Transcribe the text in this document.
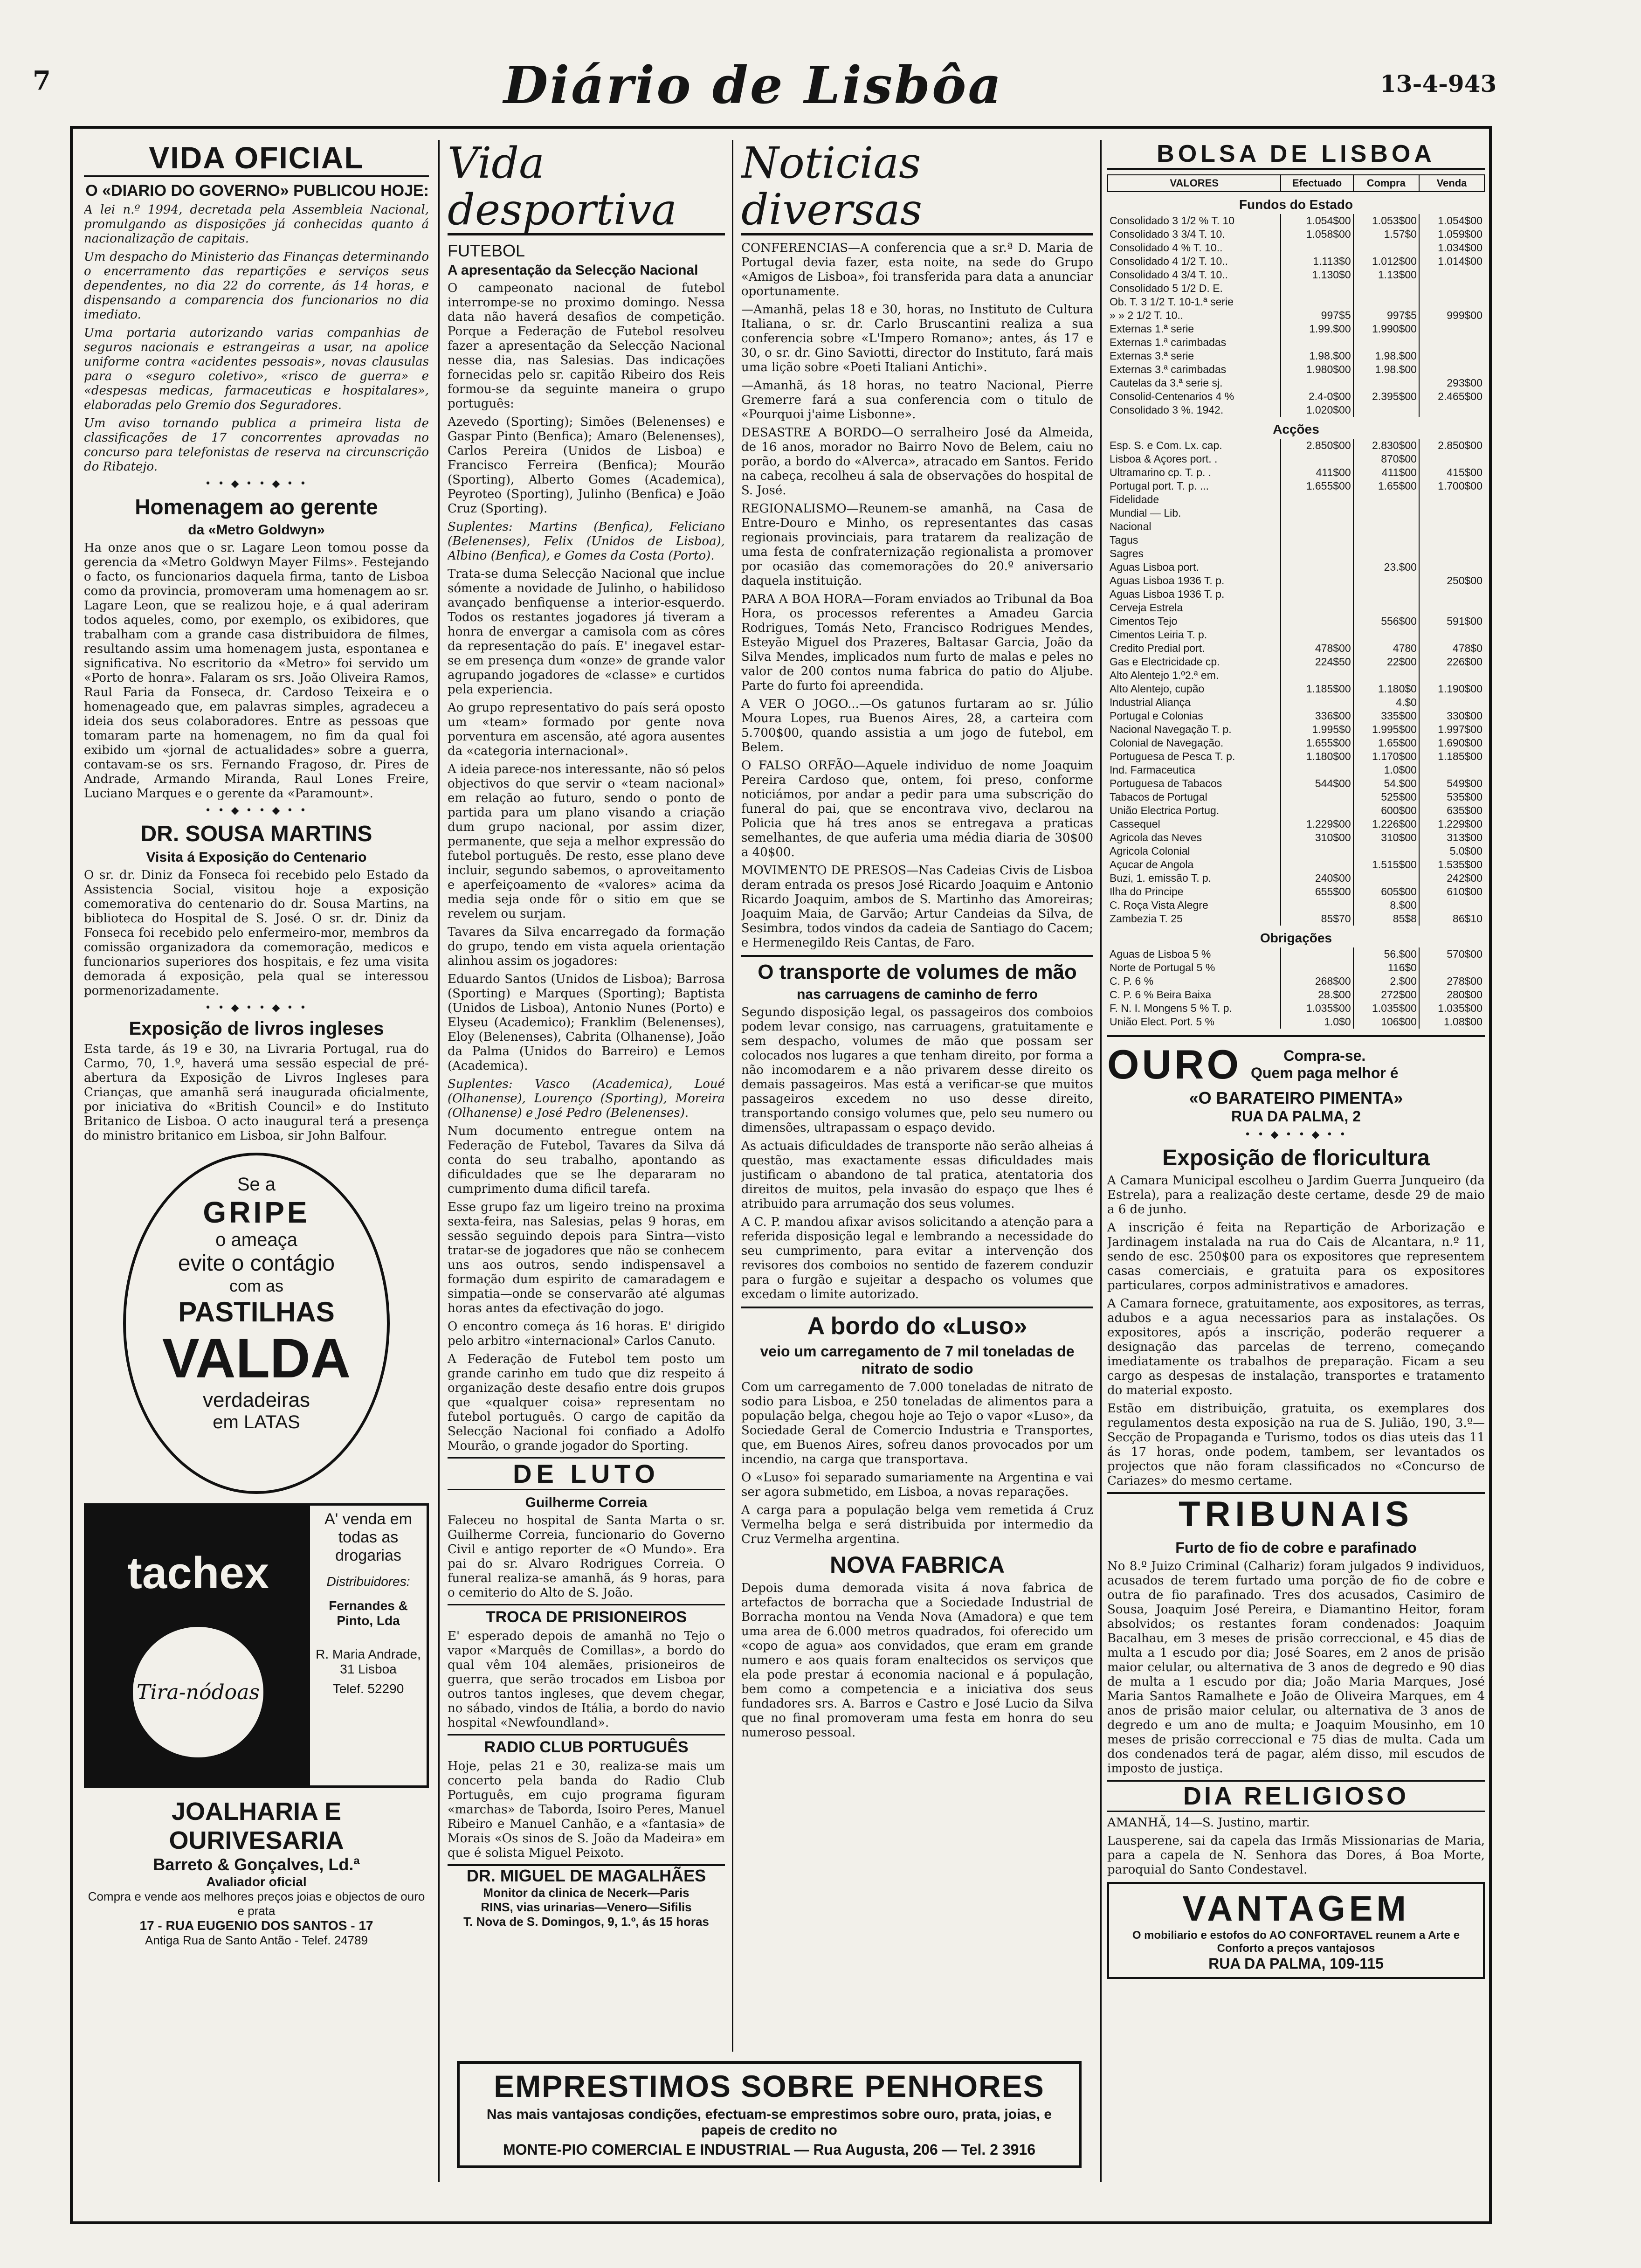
7	Diário de Lisbôa	13-4-943
VIDA OFICIAL
O «DIARIO DO GOVERNO» PUBLICOU HOJE:

A lei n.º 1994, decretada pela Assembleia Nacional, promulgando as disposições já conhecidas quanto á nacionalização de capitais.

Um despacho do Ministerio das Finanças determinando o encerramento das repartições e serviços seus dependentes, no dia 22 do corrente, ás 14 horas, e dispensando a comparencia dos funcionarios no dia imediato.

Uma portaria autorizando varias companhias de seguros nacionais e estrangeiras a usar, na apolice uniforme contra «acidentes pessoais», novas clausulas para o «seguro coletivo», «risco de guerra» e «despesas medicas, farmaceuticas e hospitalares», elaboradas pelo Gremio dos Seguradores.

Um aviso tornando publica a primeira lista de classificações de 17 concorrentes aprovadas no concurso para telefonistas de reserva na circunscrição do Ribatejo.

• • ◆ • • ◆ • •
Homenagem ao gerente
da «Metro Goldwyn»

Ha onze anos que o sr. Lagare Leon tomou posse da gerencia da «Metro Goldwyn Mayer Films». Festejando o facto, os funcionarios daquela firma, tanto de Lisboa como da provincia, promoveram uma homenagem ao sr. Lagare Leon, que se realizou hoje, e á qual aderiram todos aqueles, como, por exemplo, os exibidores, que trabalham com a grande casa distribuidora de filmes, resultando assim uma homenagem justa, espontanea e significativa. No escritorio da «Metro» foi servido um «Porto de honra». Falaram os srs. João Oliveira Ramos, Raul Faria da Fonseca, dr. Cardoso Teixeira e o homenageado que, em palavras simples, agradeceu a ideia dos seus colaboradores. Entre as pessoas que tomaram parte na homenagem, no fim da qual foi exibido um «jornal de actualidades» sobre a guerra, contavam-se os srs. Fernando Fragoso, dr. Pires de Andrade, Armando Miranda, Raul Lones Freire, Luciano Marques e o gerente da «Paramount».

• • ◆ • • ◆ • •
DR. SOUSA MARTINS
Visita á Exposição do Centenario

O sr. dr. Diniz da Fonseca foi recebido pelo Estado da Assistencia Social, visitou hoje a exposição comemorativa do centenario do dr. Sousa Martins, na biblioteca do Hospital de S. José. O sr. dr. Diniz da Fonseca foi recebido pelo enfermeiro-mor, membros da comissão organizadora da comemoração, medicos e funcionarios superiores dos hospitais, e fez uma visita demorada á exposição, pela qual se interessou pormenorizadamente.

• • ◆ • • ◆ • •
Exposição de livros ingleses

Esta tarde, ás 19 e 30, na Livraria Portugal, rua do Carmo, 70, 1.º, haverá uma sessão especial de pré-abertura da Exposição de Livros Ingleses para Crianças, que amanhã será inaugurada oficialmente, por iniciativa do «British Council» e do Instituto Britanico de Lisboa. O acto inaugural terá a presença do ministro britanico em Lisboa, sir John Balfour.

Se a
GRIPE
o ameaça
evite o contágio
com as
PASTILHAS
VALDA
verdadeiras
em LATAS
tachex
Tira-nódoas
A' venda em todas as drogarias
Distribuidores:
Fernandes & Pinto, Lda
R. Maria Andrade, 31 Lisboa
Telef. 52290
JOALHARIA E OURIVESARIA
Barreto & Gonçalves, Ld.ª
Avaliador oficial
Compra e vende aos melhores preços joias e objectos de ouro e prata
17 - RUA EUGENIO DOS SANTOS - 17
Antiga Rua de Santo Antão - Telef. 24789
Vida desportiva
FUTEBOL
A apresentação da Selecção Nacional

O campeonato nacional de futebol interrompe-se no proximo domingo. Nessa data não haverá desafios de competição. Porque a Federação de Futebol resolveu fazer a apresentação da Selecção Nacional nesse dia, nas Salesias. Das indicações fornecidas pelo sr. capitão Ribeiro dos Reis formou-se da seguinte maneira o grupo português:

Azevedo (Sporting); Simões (Belenenses) e Gaspar Pinto (Benfica); Amaro (Belenenses), Carlos Pereira (Unidos de Lisboa) e Francisco Ferreira (Benfica); Mourão (Sporting), Alberto Gomes (Academica), Peyroteo (Sporting), Julinho (Benfica) e João Cruz (Sporting).

Suplentes: Martins (Benfica), Feliciano (Belenenses), Felix (Unidos de Lisboa), Albino (Benfica), e Gomes da Costa (Porto).

Trata-se duma Selecção Nacional que inclue sómente a novidade de Julinho, o habilidoso avançado benfiquense a interior-esquerdo. Todos os restantes jogadores já tiveram a honra de envergar a camisola com as côres da representação do país. E' inegavel estar-se em presença dum «onze» de grande valor agrupando jogadores de «classe» e curtidos pela experiencia.

Ao grupo representativo do país será oposto um «team» formado por gente nova porventura em ascensão, até agora ausentes da «categoria internacional».

A ideia parece-nos interessante, não só pelos objectivos do que servir o «team nacional» em relação ao futuro, sendo o ponto de partida para um plano visando a criação dum grupo nacional, por assim dizer, permanente, que seja a melhor expressão do futebol português. De resto, esse plano deve incluir, segundo sabemos, o aproveitamento e aperfeiçoamento de «valores» acima da media seja onde fôr o sitio em que se revelem ou surjam.

Tavares da Silva encarregado da formação do grupo, tendo em vista aquela orientação alinhou assim os jogadores:

Eduardo Santos (Unidos de Lisboa); Barrosa (Sporting) e Marques (Sporting); Baptista (Unidos de Lisboa), Antonio Nunes (Porto) e Elyseu (Academico); Franklim (Belenenses), Eloy (Belenenses), Cabrita (Olhanense), João da Palma (Unidos do Barreiro) e Lemos (Academica).

Suplentes: Vasco (Academica), Loué (Olhanense), Lourenço (Sporting), Moreira (Olhanense) e José Pedro (Belenenses).

Num documento entregue ontem na Federação de Futebol, Tavares da Silva dá conta do seu trabalho, apontando as dificuldades que se lhe depararam no cumprimento duma dificil tarefa.

Esse grupo faz um ligeiro treino na proxima sexta-feira, nas Salesias, pelas 9 horas, em sessão seguindo depois para Sintra—visto tratar-se de jogadores que não se conhecem uns aos outros, sendo indispensavel a formação dum espirito de camaradagem e simpatia—onde se conservarão até algumas horas antes da efectivação do jogo.

O encontro começa ás 16 horas. E' dirigido pelo arbitro «internacional» Carlos Canuto.

A Federação de Futebol tem posto um grande carinho em tudo que diz respeito á organização deste desafio entre dois grupos que «qualquer coisa» representam no futebol português. O cargo de capitão da Selecção Nacional foi confiado a Adolfo Mourão, o grande jogador do Sporting.

DE LUTO
Guilherme Correia

Faleceu no hospital de Santa Marta o sr. Guilherme Correia, funcionario do Governo Civil e antigo reporter de «O Mundo». Era pai do sr. Alvaro Rodrigues Correia. O funeral realiza-se amanhã, ás 9 horas, para o cemiterio do Alto de S. João.

TROCA DE PRISIONEIROS

E' esperado depois de amanhã no Tejo o vapor «Marquês de Comillas», a bordo do qual vêm 104 alemães, prisioneiros de guerra, que serão trocados em Lisboa por outros tantos ingleses, que devem chegar, no sábado, vindos de Itália, a bordo do navio hospital «Newfoundland».

RADIO CLUB PORTUGUÊS

Hoje, pelas 21 e 30, realiza-se mais um concerto pela banda do Radio Club Português, em cujo programa figuram «marchas» de Taborda, Isoiro Peres, Manuel Ribeiro e Manuel Canhão, e a «fantasia» de Morais «Os sinos de S. João da Madeira» em que é solista Miguel Peixoto.

DR. MIGUEL DE MAGALHÃES
Monitor da clinica de Necerk—Paris
RINS, vias urinarias—Venero—Sifilis
T. Nova de S. Domingos, 9, 1.º, ás 15 horas
Noticias diversas

CONFERENCIAS—A conferencia que a sr.ª D. Maria de Portugal devia fazer, esta noite, na sede do Grupo «Amigos de Lisboa», foi transferida para data a anunciar oportunamente.

—Amanhã, pelas 18 e 30, horas, no Instituto de Cultura Italiana, o sr. dr. Carlo Bruscantini realiza a sua conferencia sobre «L'Impero Romano»; antes, ás 17 e 30, o sr. dr. Gino Saviotti, director do Instituto, fará mais uma lição sobre «Poeti Italiani Antichi».

—Amanhã, ás 18 horas, no teatro Nacional, Pierre Gremerre fará a sua conferencia com o titulo de «Pourquoi j'aime Lisbonne».

DESASTRE A BORDO—O serralheiro José da Almeida, de 16 anos, morador no Bairro Novo de Belem, caiu no porão, a bordo do «Alverca», atracado em Santos. Ferido na cabeça, recolheu á sala de observações do hospital de S. José.

REGIONALISMO—Reunem-se amanhã, na Casa de Entre-Douro e Minho, os representantes das casas regionais provinciais, para tratarem da realização de uma festa de confraternização regionalista a promover por ocasião das comemorações do 20.º aniversario daquela instituição.

PARA A BOA HORA—Foram enviados ao Tribunal da Boa Hora, os processos referentes a Amadeu Garcia Rodrigues, Tomás Neto, Francisco Rodrigues Mendes, Esteyão Miguel dos Prazeres, Baltasar Garcia, João da Silva Mendes, implicados num furto de malas e peles no valor de 200 contos numa fabrica do patio do Aljube. Parte do furto foi apreendida.

A VER O JOGO...—Os gatunos furtaram ao sr. Júlio Moura Lopes, rua Buenos Aires, 28, a carteira com 5.700$00, quando assistia a um jogo de futebol, em Belem.

O FALSO ORFÃO—Aquele individuo de nome Joaquim Pereira Cardoso que, ontem, foi preso, conforme noticiámos, por andar a pedir para uma subscrição do funeral do pai, que se encontrava vivo, declarou na Policia que há tres anos se entregava a praticas semelhantes, de que auferia uma média diaria de 30$00 a 40$00.

MOVIMENTO DE PRESOS—Nas Cadeias Civis de Lisboa deram entrada os presos José Ricardo Joaquim e Antonio Ricardo Joaquim, ambos de S. Martinho das Amoreiras; Joaquim Maia, de Garvão; Artur Candeias da Silva, de Sesimbra, todos vindos da cadeia de Santiago do Cacem; e Hermenegildo Reis Cantas, de Faro.

O transporte de volumes de mão
nas carruagens de caminho de ferro

Segundo disposição legal, os passageiros dos comboios podem levar consigo, nas carruagens, gratuitamente e sem despacho, volumes de mão que possam ser colocados nos lugares a que tenham direito, por forma a não incomodarem e a não privarem desse direito os demais passageiros. Mas está a verificar-se que muitos passageiros excedem no uso desse direito, transportando consigo volumes que, pelo seu numero ou dimensões, ultrapassam o espaço devido.

As actuais dificuldades de transporte não serão alheias á questão, mas exactamente essas dificuldades mais justificam o abandono de tal pratica, atentatoria dos direitos de muitos, pela invasão do espaço que lhes é atribuido para arrumação dos seus volumes.

A C. P. mandou afixar avisos solicitando a atenção para a referida disposição legal e lembrando a necessidade do seu cumprimento, para evitar a intervenção dos revisores dos comboios no sentido de fazerem conduzir para o furgão e sujeitar a despacho os volumes que excedam o limite autorizado.

A bordo do «Luso»
veio um carregamento de 7 mil toneladas de nitrato de sodio

Com um carregamento de 7.000 toneladas de nitrato de sodio para Lisboa, e 250 toneladas de alimentos para a população belga, chegou hoje ao Tejo o vapor «Luso», da Sociedade Geral de Comercio Industria e Transportes, que, em Buenos Aires, sofreu danos provocados por um incendio, na carga que transportava.

O «Luso» foi separado sumariamente na Argentina e vai ser agora submetido, em Lisboa, a novas reparações.

A carga para a população belga vem remetida á Cruz Vermelha belga e será distribuida por intermedio da Cruz Vermelha argentina.

NOVA FABRICA

Depois duma demorada visita á nova fabrica de artefactos de borracha que a Sociedade Industrial de Borracha montou na Venda Nova (Amadora) e que tem uma area de 6.000 metros quadrados, foi oferecido um «copo de agua» aos convidados, que eram em grande numero e aos quais foram enaltecidos os serviços que ela pode prestar á economia nacional e á população, bem como a competencia e a iniciativa dos seus fundadores srs. A. Barros e Castro e José Lucio da Silva que no final promoveram uma festa em honra do seu numeroso pessoal.

BOLSA DE LISBOA
VALORES	Efectuado	Compra	Venda
Fundos do Estado			
Consolidado 3 1/2 % T. 10	1.054$00	1.053$00	1.054$00
Consolidado 3 3/4 T. 10.	1.058$00	1.57$0	1.059$00
Consolidado 4 % T. 10..			1.034$00
Consolidado 4 1/2 T. 10..	1.113$0	1.012$00	1.014$00
Consolidado 4 3/4 T. 10..	1.130$0	1.13$00	
Consolidado 5 1/2 D. E.			
Ob. T. 3 1/2 T. 10-1.ª serie			
» » 2 1/2 T. 10..	997$5	997$5	999$00
Externas 1.ª serie	1.99.$00	1.990$00	
Externas 1.ª carimbadas			
Externas 3.ª serie	1.98.$00	1.98.$00	
Externas 3.ª carimbadas	1.980$00	1.98.$00	
Cautelas da 3.ª serie sj.			293$00
Consolid-Centenarios 4 %	2.4-0$00	2.395$00	2.465$00
Consolidado 3 %. 1942.	1.020$00		
Acções			
Esp. S. e Com. Lx. cap.	2.850$00	2.830$00	2.850$00
Lisboa & Açores port. .		870$00	
Ultramarino cp. T. p. .	411$00	411$00	415$00
Portugal port. T. p. ...	1.655$00	1.65$00	1.700$00
Fidelidade			
Mundial — Lib.			
Nacional			
Tagus			
Sagres			
Aguas Lisboa port.		23.$00	
Aguas Lisboa 1936 T. p.			250$00
Aguas Lisboa 1936 T. p.			
Cerveja Estrela			
Cimentos Tejo		556$00	591$00
Cimentos Leiria T. p.			
Credito Predial port.	478$00	4780	478$0
Gas e Electricidade cp.	224$50	22$00	226$00
Alto Alentejo 1.º2.ª em.			
Alto Alentejo, cupão	1.185$00	1.180$0	1.190$00
Industrial Aliança		4.$0	
Portugal e Colonias	336$00	335$00	330$00
Nacional Navegação T. p.	1.995$0	1.995$00	1.997$00
Colonial de Navegação.	1.655$00	1.65$00	1.690$00
Portuguesa de Pesca T. p.	1.180$00	1.170$00	1.185$00
Ind. Farmaceutica		1.0$00	
Portuguesa de Tabacos	544$00	54.$00	549$00
Tabacos de Portugal		525$00	535$00
União Electrica Portug.		600$00	635$00
Cassequel	1.229$00	1.226$00	1.229$00
Agricola das Neves	310$00	310$00	313$00
Agricola Colonial			5.0$00
Açucar de Angola		1.515$00	1.535$00
Buzi, 1. emissão T. p.	240$00		242$00
Ilha do Principe	655$00	605$00	610$00
C. Roça Vista Alegre		8.$00	
Zambezia T. 25	85$70	85$8	86$10
Obrigações			
Aguas de Lisboa 5 %		56.$00	570$00
Norte de Portugal 5 %		116$0	
C. P. 6 %	268$00	2.$00	278$00
C. P. 6 % Beira Baixa	28.$00	272$00	280$00
F. N. I. Mongens 5 % T. p.	1.035$00	1.035$00	1.035$00
União Elect. Port. 5 %	1.0$0	106$00	1.08$00
OURO	Compra-se.
Quem paga melhor é
«O BARATEIRO PIMENTA»
RUA DA PALMA, 2
• • ◆ • • ◆ • •
Exposição de floricultura

A Camara Municipal escolheu o Jardim Guerra Junqueiro (da Estrela), para a realização deste certame, desde 29 de maio a 6 de junho.

A inscrição é feita na Repartição de Arborização e Jardinagem instalada na rua do Cais de Alcantara, n.º 11, sendo de esc. 250$00 para os expositores que representem casas comerciais, e gratuita para os expositores particulares, corpos administrativos e amadores.

A Camara fornece, gratuitamente, aos expositores, as terras, adubos e a agua necessarios para as instalações. Os expositores, após a inscrição, poderão requerer a designação das parcelas de terreno, começando imediatamente os trabalhos de preparação. Ficam a seu cargo as despesas de instalação, transportes e tratamento do material exposto.

Estão em distribuição, gratuita, os exemplares dos regulamentos desta exposição na rua de S. Julião, 190, 3.º—Secção de Propaganda e Turismo, todos os dias uteis das 11 ás 17 horas, onde podem, tambem, ser levantados os projectos que não foram classificados no «Concurso de Cariazes» do mesmo certame.

TRIBUNAIS
Furto de fio de cobre e parafinado

No 8.º Juizo Criminal (Calhariz) foram julgados 9 individuos, acusados de terem furtado uma porção de fio de cobre e outra de fio parafinado. Tres dos acusados, Casimiro de Sousa, Joaquim José Pereira, e Diamantino Heitor, foram absolvidos; os restantes foram condenados: Joaquim Bacalhau, em 3 meses de prisão correccional, e 45 dias de multa a 1 escudo por dia; José Soares, em 2 anos de prisão maior celular, ou alternativa de 3 anos de degredo e 90 dias de multa a 1 escudo por dia; João Maria Marques, José Maria Santos Ramalhete e João de Oliveira Marques, em 4 anos de prisão maior celular, ou alternativa de 3 anos de degredo e um ano de multa; e Joaquim Mousinho, em 10 meses de prisão correccional e 75 dias de multa. Cada um dos condenados terá de pagar, além disso, mil escudos de imposto de justiça.

DIA RELIGIOSO

AMANHÃ, 14—S. Justino, martir.

Lausperene, sai da capela das Irmãs Missionarias de Maria, para a capela de N. Senhora das Dores, á Boa Morte, paroquial do Santo Condestavel.

VANTAGEM
O mobiliario e estofos do AO CONFORTAVEL reunem a Arte e Conforto a preços vantajosos
RUA DA PALMA, 109-115
EMPRESTIMOS SOBRE PENHORES
Nas mais vantajosas condições, efectuam-se emprestimos sobre ouro, prata, joias, e papeis de credito no
MONTE-PIO COMERCIAL E INDUSTRIAL — Rua Augusta, 206 — Tel. 2 3916
